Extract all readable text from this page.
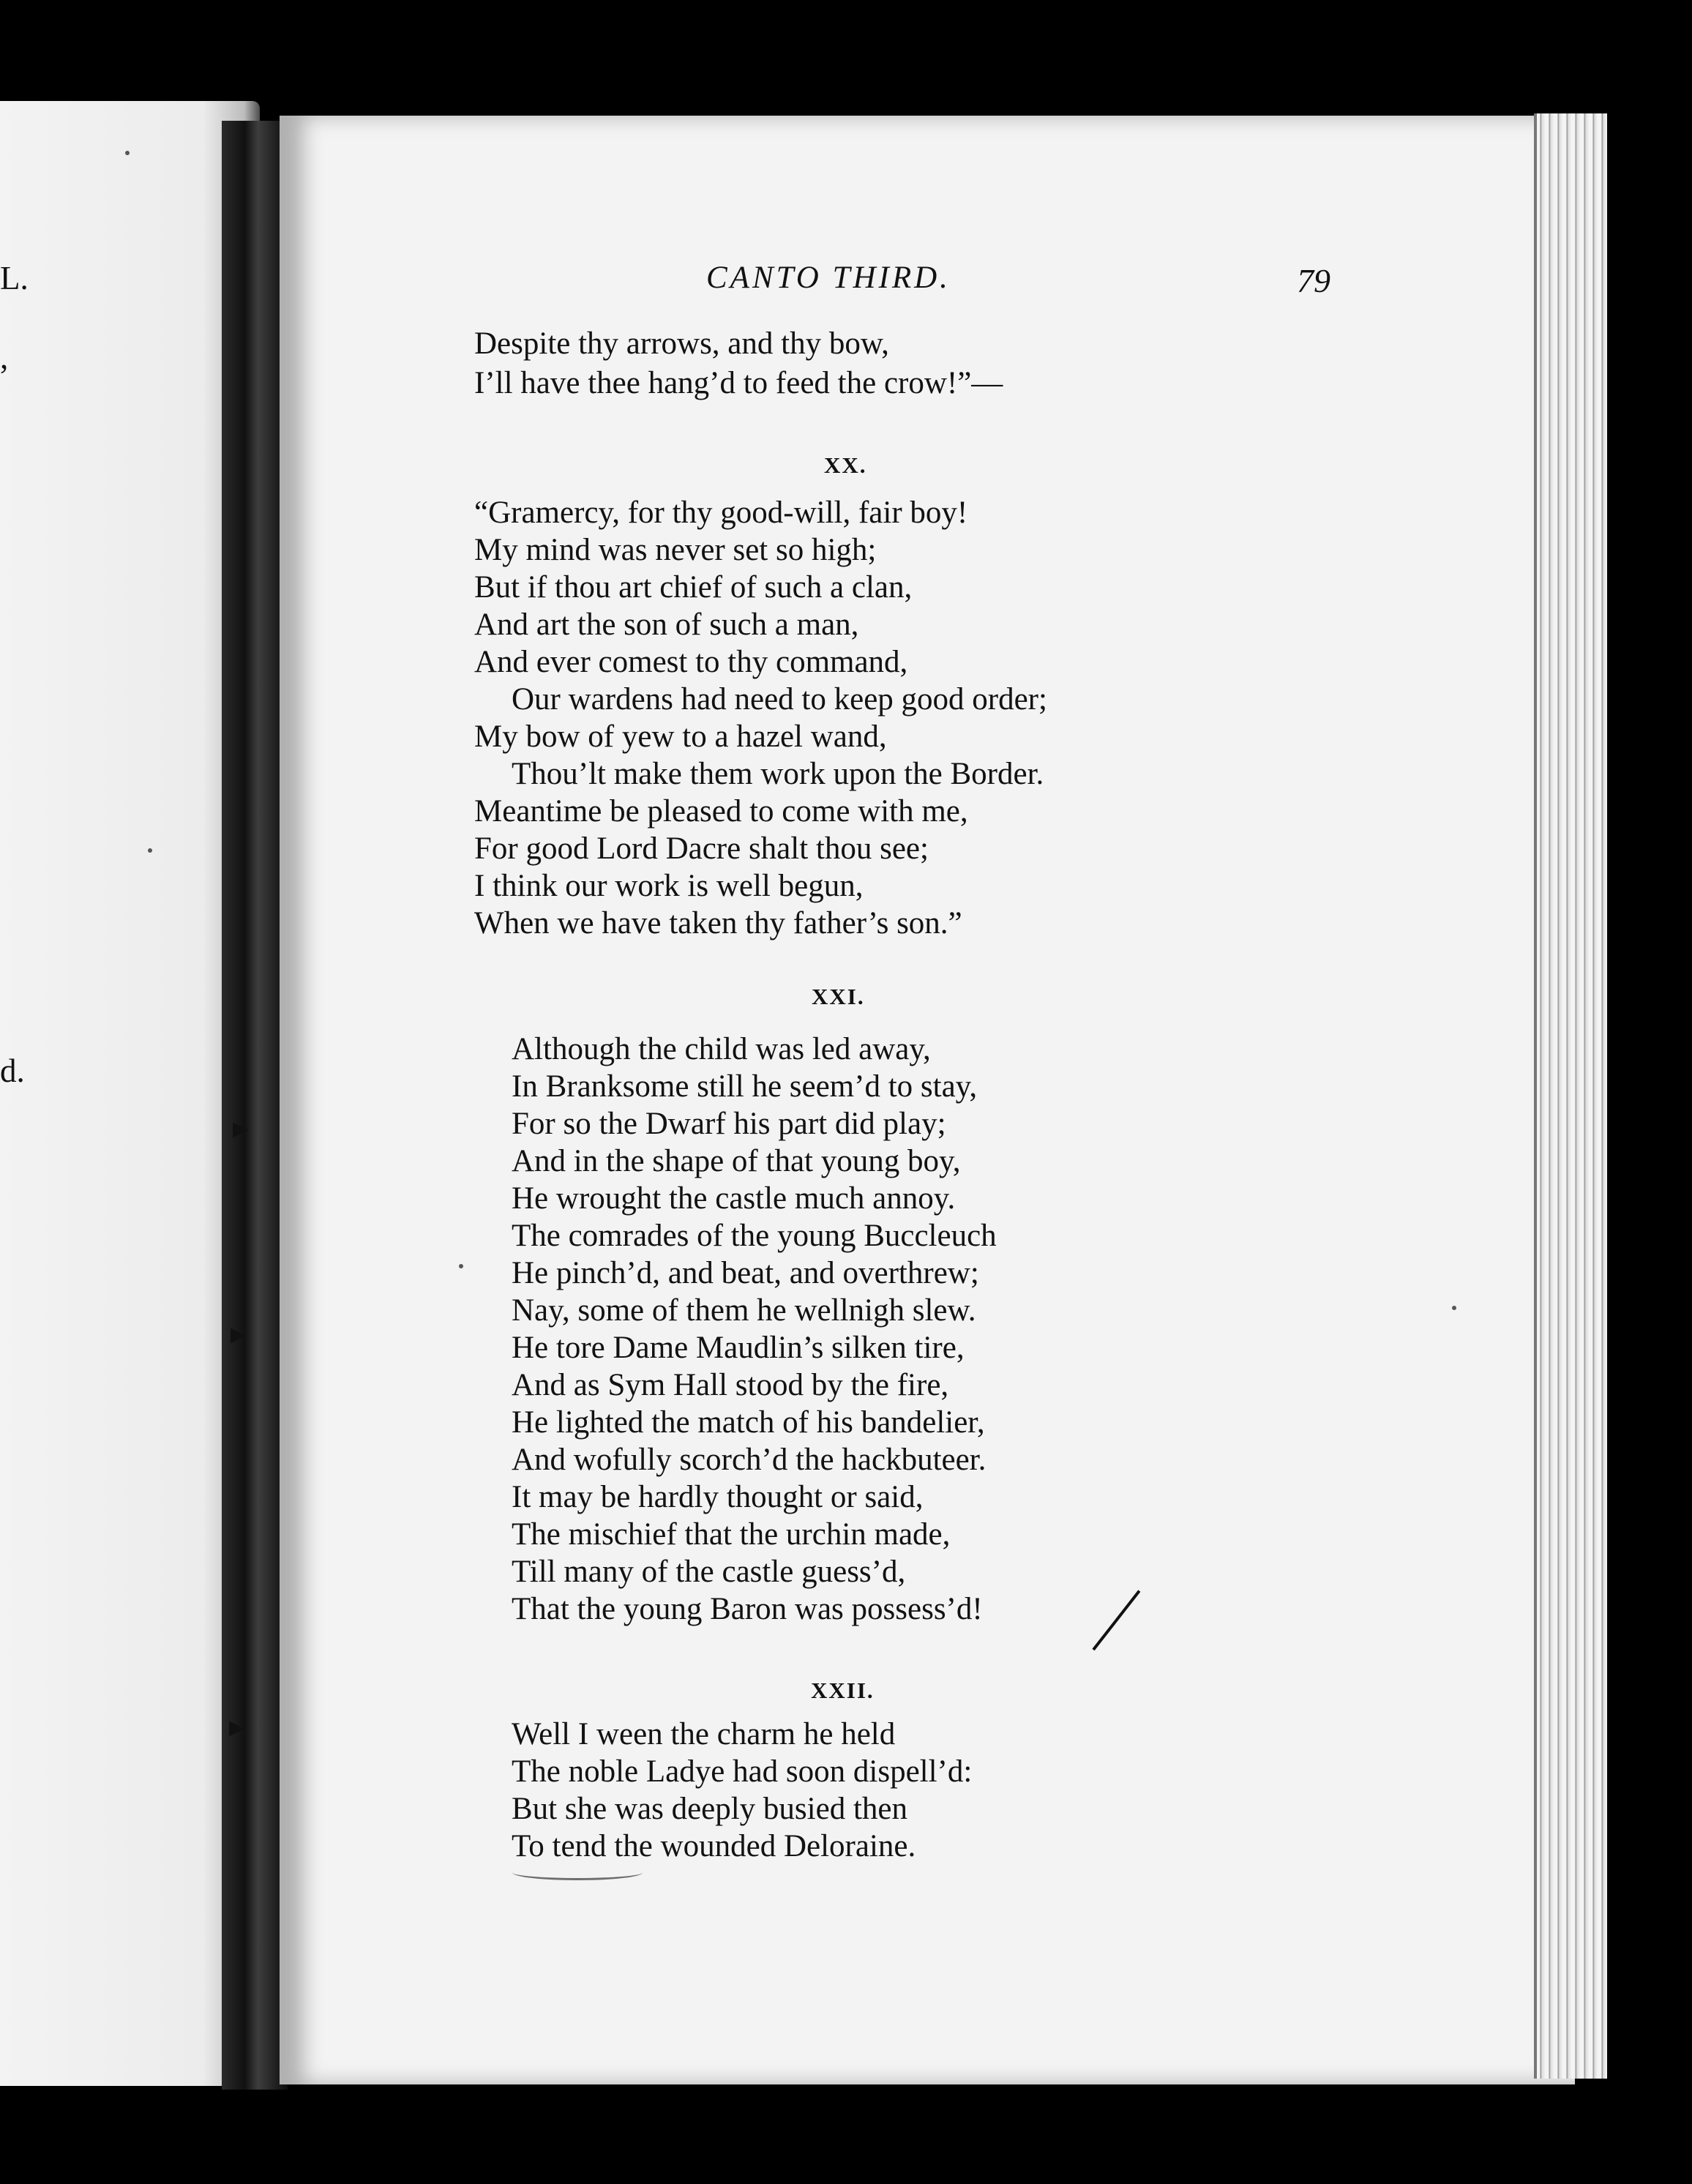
L.
,
d.
▸
▸
▸
CANTO THIRD.	79
Despite thy arrows, and thy bow,
I’ll have thee hang’d to feed the crow!”—
XX.
“Gramercy, for thy good-will, fair boy!
My mind was never set so high;
But if thou art chief of such a clan,
And art the son of such a man,
And ever comest to thy command,
Our wardens had need to keep good order;
My bow of yew to a hazel wand,
Thou’lt make them work upon the Border.
Meantime be pleased to come with me,
For good Lord Dacre shalt thou see;
I think our work is well begun,
When we have taken thy father’s son.”
XXI.
Although the child was led away,
In Branksome still he seem’d to stay,
For so the Dwarf his part did play;
And in the shape of that young boy,
He wrought the castle much annoy.
The comrades of the young Buccleuch
He pinch’d, and beat, and overthrew;
Nay, some of them he wellnigh slew.
He tore Dame Maudlin’s silken tire,
And as Sym Hall stood by the fire,
He lighted the match of his bandelier,
And wofully scorch’d the hackbuteer.
It may be hardly thought or said,
The mischief that the urchin made,
Till many of the castle guess’d,
That the young Baron was possess’d!
XXII.
Well I ween the charm he held
The noble Ladye had soon dispell’d:
But she was deeply busied then
To tend the wounded Deloraine.
